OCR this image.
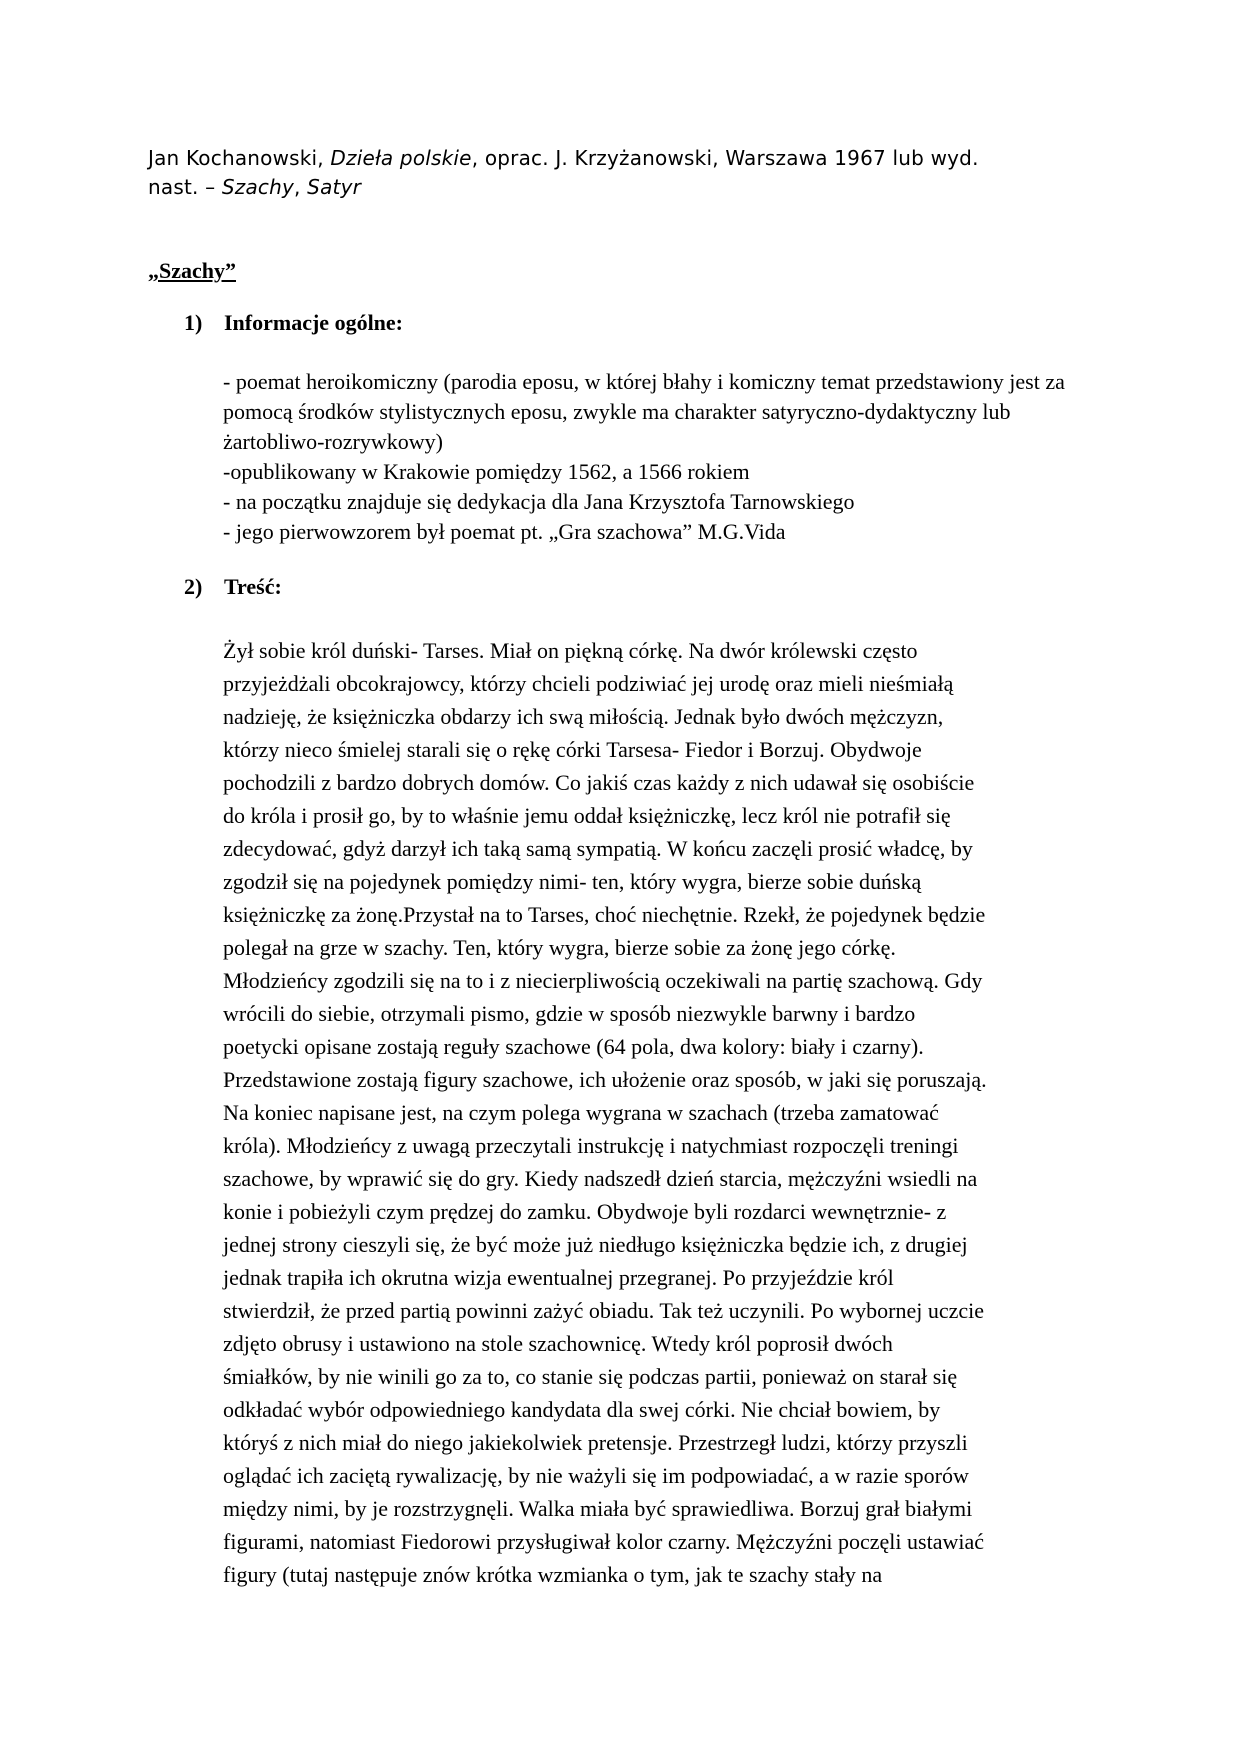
Jan Kochanowski, Dzieła polskie, oprac. J. Krzyżanowski, Warszawa 1967 lub wyd.
nast. – Szachy, Satyr
„Szachy”
1) Informacje ogólne:

- poemat heroikomiczny (parodia eposu, w której błahy i komiczny temat przedstawiony jest za pomocą środków stylistycznych eposu, zwykle ma charakter satyryczno-dydaktyczny lub żartobliwo-rozrywkowy)

-opublikowany w Krakowie pomiędzy 1562, a 1566 rokiem

- na początku znajduje się dedykacja dla Jana Krzysztofa Tarnowskiego

- jego pierwowzorem był poemat pt. „Gra szachowa” M.G.Vida

2) Treść:

Żył sobie król duński- Tarses. Miał on piękną córkę. Na dwór królewski często

przyjeżdżali obcokrajowcy, którzy chcieli podziwiać jej urodę oraz mieli nieśmiałą

nadzieję, że księżniczka obdarzy ich swą miłością. Jednak było dwóch mężczyzn,

którzy nieco śmielej starali się o rękę córki Tarsesa- Fiedor i Borzuj. Obydwoje

pochodzili z bardzo dobrych domów. Co jakiś czas każdy z nich udawał się osobiście

do króla i prosił go, by to właśnie jemu oddał księżniczkę, lecz król nie potrafił się

zdecydować, gdyż darzył ich taką samą sympatią. W końcu zaczęli prosić władcę, by

zgodził się na pojedynek pomiędzy nimi- ten, który wygra, bierze sobie duńską

księżniczkę za żonę.Przystał na to Tarses, choć niechętnie. Rzekł, że pojedynek będzie

polegał na grze w szachy. Ten, który wygra, bierze sobie za żonę jego córkę.

Młodzieńcy zgodzili się na to i z niecierpliwością oczekiwali na partię szachową. Gdy

wrócili do siebie, otrzymali pismo, gdzie w sposób niezwykle barwny i bardzo

poetycki opisane zostają reguły szachowe (64 pola, dwa kolory: biały i czarny).

Przedstawione zostają figury szachowe, ich ułożenie oraz sposób, w jaki się poruszają.

Na koniec napisane jest, na czym polega wygrana w szachach (trzeba zamatować

króla). Młodzieńcy z uwagą przeczytali instrukcję i natychmiast rozpoczęli treningi

szachowe, by wprawić się do gry. Kiedy nadszedł dzień starcia, mężczyźni wsiedli na

konie i pobieżyli czym prędzej do zamku. Obydwoje byli rozdarci wewnętrznie- z

jednej strony cieszyli się, że być może już niedługo księżniczka będzie ich, z drugiej

jednak trapiła ich okrutna wizja ewentualnej przegranej. Po przyjeździe król

stwierdził, że przed partią powinni zażyć obiadu. Tak też uczynili. Po wybornej uczcie

zdjęto obrusy i ustawiono na stole szachownicę. Wtedy król poprosił dwóch

śmiałków, by nie winili go za to, co stanie się podczas partii, ponieważ on starał się

odkładać wybór odpowiedniego kandydata dla swej córki. Nie chciał bowiem, by

któryś z nich miał do niego jakiekolwiek pretensje. Przestrzegł ludzi, którzy przyszli

oglądać ich zaciętą rywalizację, by nie ważyli się im podpowiadać, a w razie sporów

między nimi, by je rozstrzygnęli. Walka miała być sprawiedliwa. Borzuj grał białymi

figurami, natomiast Fiedorowi przysługiwał kolor czarny. Mężczyźni poczęli ustawiać

figury (tutaj następuje znów krótka wzmianka o tym, jak te szachy stały na
